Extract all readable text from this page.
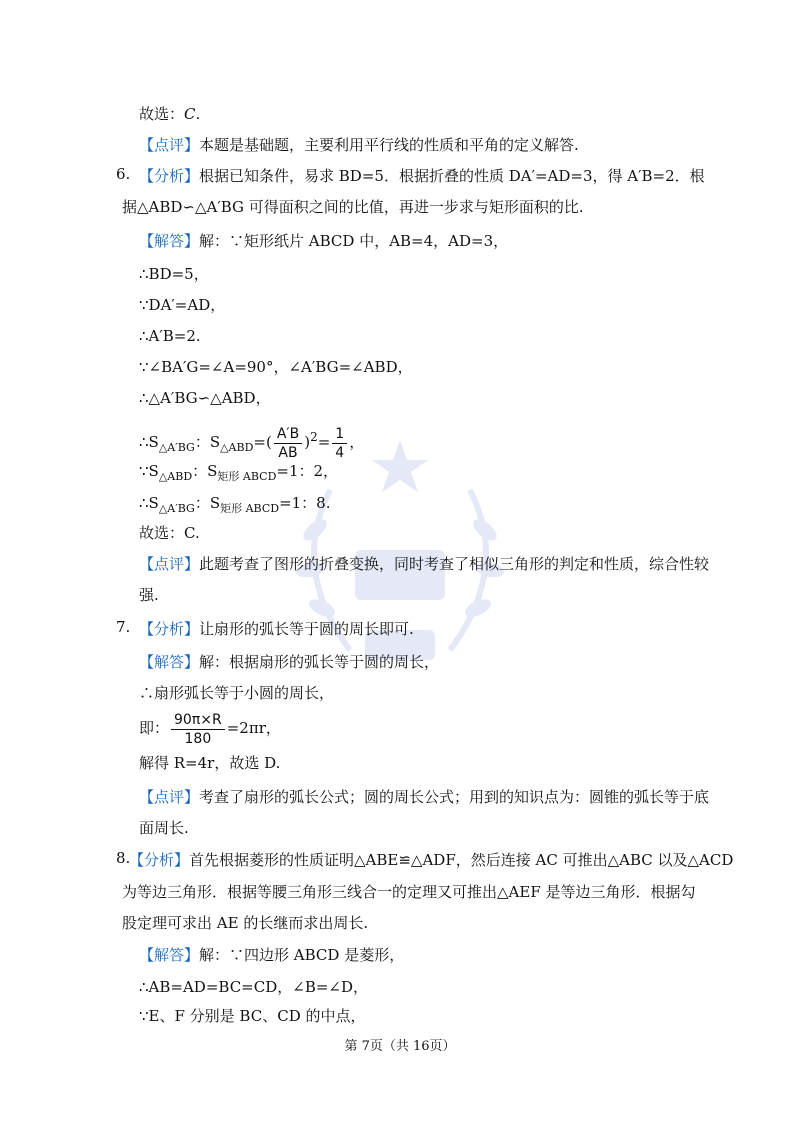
故选：C.
【点评】本题是基础题，主要利用平行线的性质和平角的定义解答.
6. 【分析】根据已知条件，易求 BD=5．根据折叠的性质 DA′=AD=3，得 A′B=2．根
据△ABD∽△A′BG 可得面积之间的比值，再进一步求与矩形面积的比.
【解答】解：∵矩形纸片 ABCD 中，AB=4，AD=3，
∴BD=5，
∵DA′=AD，
∴A′B=2.
∵∠BA′G=∠A=90°，∠A′BG=∠ABD，
∴△A′BG∽△ABD，
$\therefore S_{\triangle A'BG}$：$S_{\triangle ABD}=( \frac{A'B}{AB} )^2= \frac{1}{4}$ ，
$\because S_{\triangle ABD}$：$S_{矩形 ABCD}=1$：2，
$\therefore S_{\triangle A'BG}$：$S_{矩形 ABCD}=1$：8.
故选：C.
【点评】此题考查了图形的折叠变换，同时考查了相似三角形的判定和性质，综合性较
强.
7. 【分析】让扇形的弧长等于圆的周长即可.
【解答】解：根据扇形的弧长等于圆的周长，
∴扇形弧长等于小圆的周长，
即： $\frac{90\pi\times R}{180} =2\pi r$，
解得 R=4r，故选 D.
【点评】考查了扇形的弧长公式；圆的周长公式；用到的知识点为：圆锥的弧长等于底
面周长.
8.
【分析】首先根据菱形的性质证明△ABE≌△ADF，然后连接 AC 可推出△ABC 以及△ACD
为等边三角形．根据等腰三角形三线合一的定理又可推出△AEF 是等边三角形．根据勾
股定理可求出 AE 的长继而求出周长.
【解答】解：∵四边形 ABCD 是菱形，
∴AB=AD=BC=CD，∠B=∠D，
∵E、F 分别是 BC、CD 的中点，
第 7页（共 16页）
